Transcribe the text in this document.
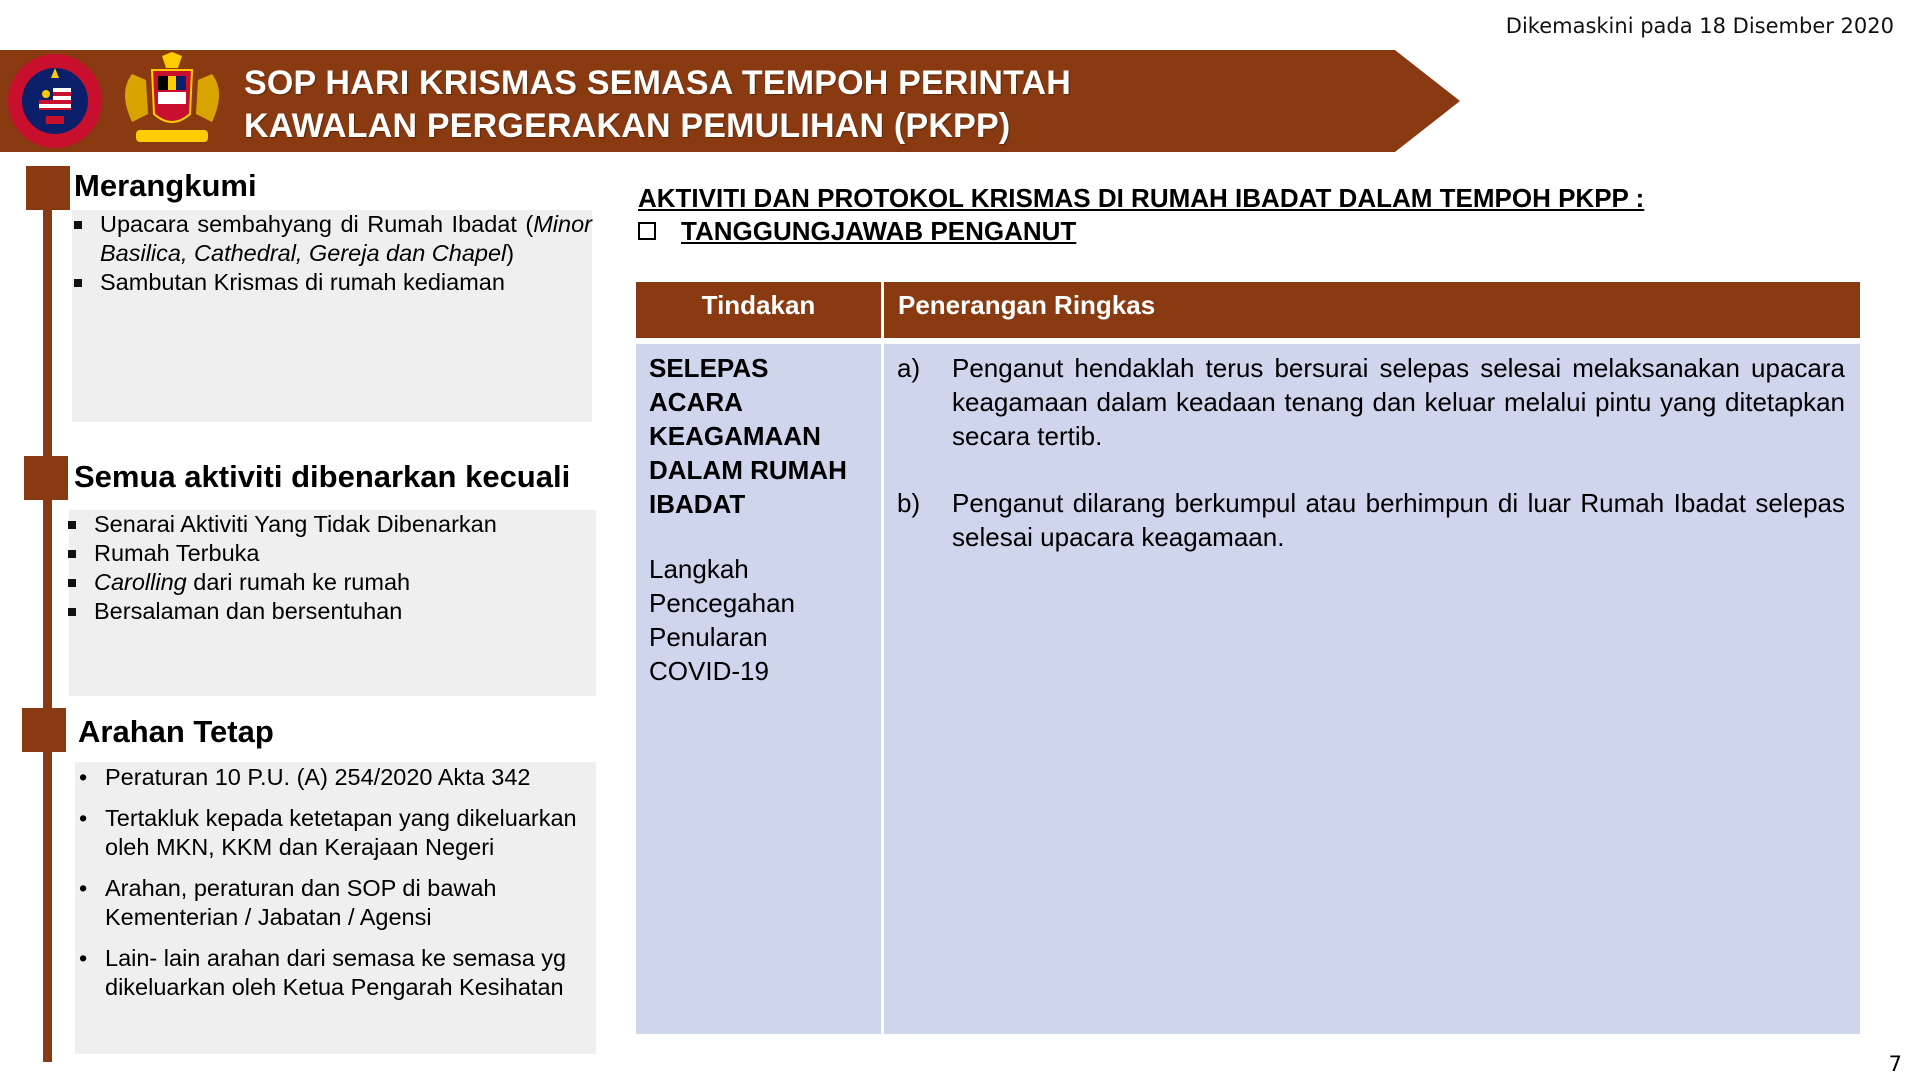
Dikemaskini pada 18 Disember 2020
SOP HARI KRISMAS SEMASA TEMPOH PERINTAH
KAWALAN PERGERAKAN PEMULIHAN (PKPP)
Merangkumi
Upacara sembahyang di Rumah Ibadat (Minor Basilica, Cathedral, Gereja dan Chapel)
Sambutan Krismas di rumah kediaman
Semua aktiviti dibenarkan kecuali
Senarai Aktiviti Yang Tidak Dibenarkan
Rumah Terbuka
Carolling dari rumah ke rumah
Bersalaman dan bersentuhan
Arahan Tetap
• Peraturan 10 P.U. (A) 254/2020 Akta 342
• Tertakluk kepada ketetapan yang dikeluarkan oleh MKN, KKM dan Kerajaan Negeri
• Arahan, peraturan dan SOP di bawah Kementerian / Jabatan / Agensi
• Lain- lain arahan dari semasa ke semasa yg dikeluarkan oleh Ketua Pengarah Kesihatan
AKTIVITI DAN PROTOKOL KRISMAS DI RUMAH IBADAT DALAM TEMPOH PKPP :
TANGGUNGJAWAB PENGANUT
Tindakan	Penerangan Ringkas
SELEPAS
ACARA
KEAGAMAAN
DALAM RUMAH
IBADAT
Langkah
Pencegahan
Penularan
COVID-19
a) Penganut hendaklah terus bersurai selepas selesai melaksanakan upacara keagamaan dalam keadaan tenang dan keluar melalui pintu yang ditetapkan secara tertib.
b) Penganut dilarang berkumpul atau berhimpun di luar Rumah Ibadat selepas selesai upacara keagamaan.
7
